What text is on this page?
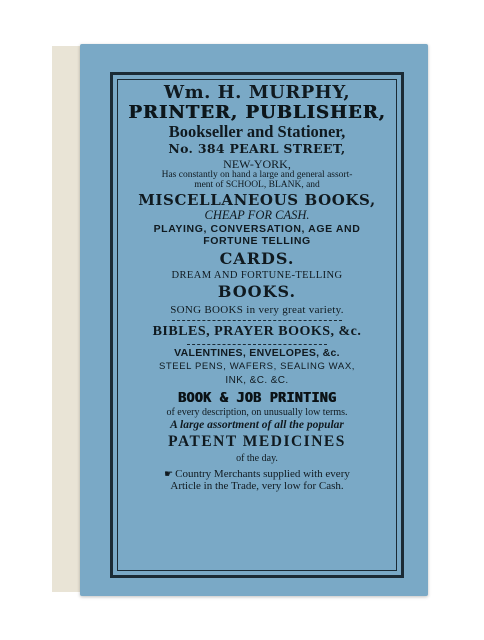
Wm. H. MURPHY,
PRINTER, PUBLISHER,
Bookseller and Stationer,
No. 384 PEARL STREET,
NEW-YORK,
Has constantly on hand a large and general assort-
ment of SCHOOL, BLANK, and
MISCELLANEOUS BOOKS,
CHEAP FOR CASH.
PLAYING, CONVERSATION, AGE AND
FORTUNE TELLING
CARDS.
DREAM AND FORTUNE-TELLING
BOOKS.
SONG BOOKS in very great variety.
BIBLES, PRAYER BOOKS, &c.
VALENTINES, ENVELOPES, &c.
STEEL PENS, WAFERS, SEALING WAX,
INK, &C. &C.
BOOK & JOB PRINTING
of every description, on unusually low terms.
A large assortment of all the popular
PATENT MEDICINES
of the day.
☛ Country Merchants supplied with every
Article in the Trade, very low for Cash.
